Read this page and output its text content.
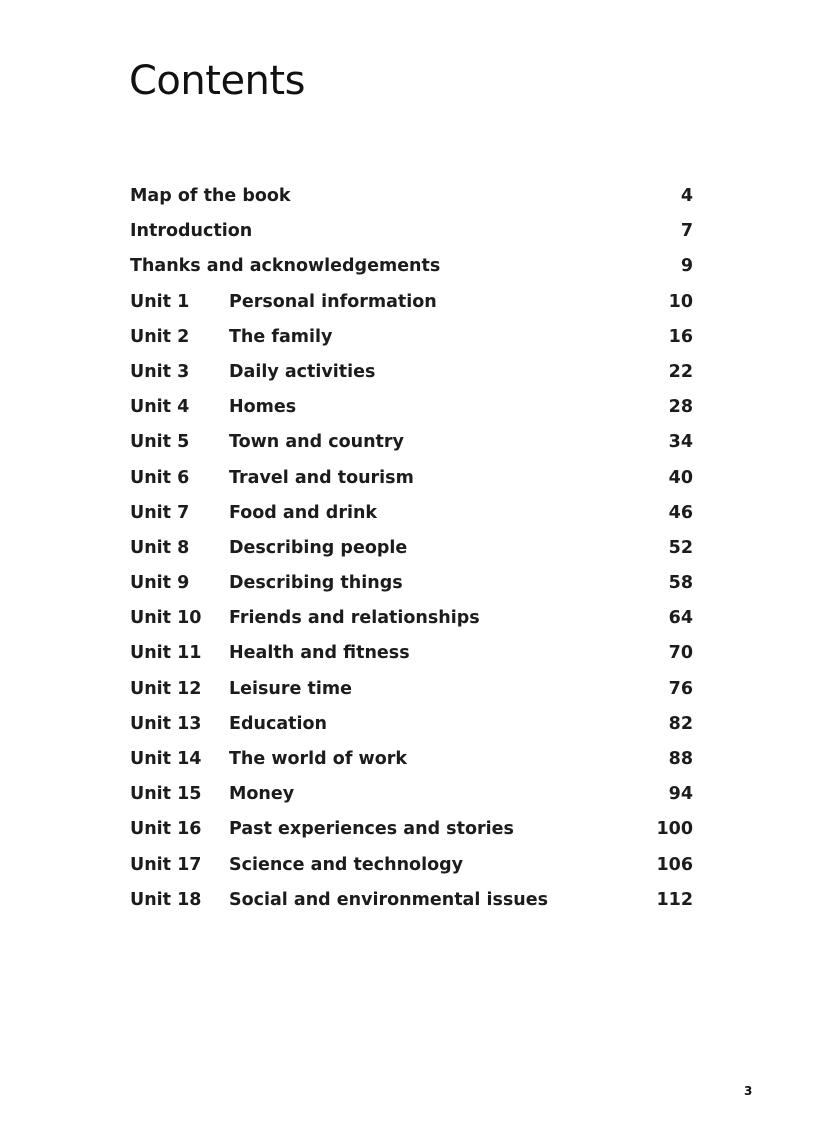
Contents
Map of the book	4
Introduction	7
Thanks and acknowledgements	9
Unit 1	Personal information	10
Unit 2	The family	16
Unit 3	Daily activities	22
Unit 4	Homes	28
Unit 5	Town and country	34
Unit 6	Travel and tourism	40
Unit 7	Food and drink	46
Unit 8	Describing people	52
Unit 9	Describing things	58
Unit 10	Friends and relationships	64
Unit 11	Health and fitness	70
Unit 12	Leisure time	76
Unit 13	Education	82
Unit 14	The world of work	88
Unit 15	Money	94
Unit 16	Past experiences and stories	100
Unit 17	Science and technology	106
Unit 18	Social and environmental issues	112
3
